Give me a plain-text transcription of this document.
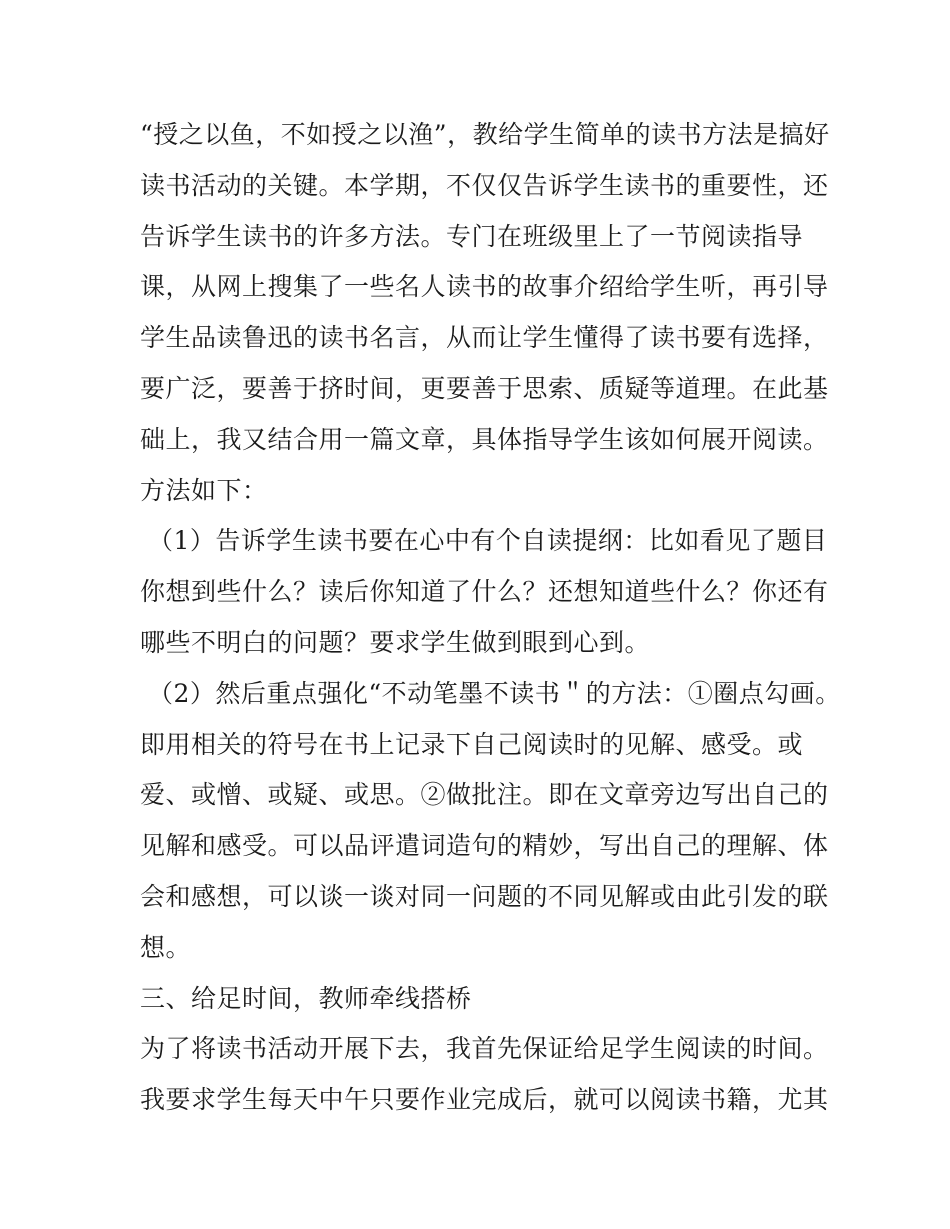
“授之以鱼，不如授之以渔”，教给学生简单的读书方法是搞好
读书活动的关键。本学期，不仅仅告诉学生读书的重要性，还
告诉学生读书的许多方法。专门在班级里上了一节阅读指导
课，从网上搜集了一些名人读书的故事介绍给学生听，再引导
学生品读鲁迅的读书名言，从而让学生懂得了读书要有选择，
要广泛，要善于挤时间，更要善于思索、质疑等道理。在此基
础上，我又结合用一篇文章，具体指导学生该如何展开阅读。
方法如下：
（1）告诉学生读书要在心中有个自读提纲：比如看见了题目
你想到些什么？读后你知道了什么？还想知道些什么？你还有
哪些不明白的问题？要求学生做到眼到心到。
（2）然后重点强化“不动笔墨不读书＂的方法：①圈点勾画。
即用相关的符号在书上记录下自己阅读时的见解、感受。或
爱、或憎、或疑、或思。②做批注。即在文章旁边写出自己的
见解和感受。可以品评遣词造句的精妙，写出自己的理解、体
会和感想，可以谈一谈对同一问题的不同见解或由此引发的联
想。
三、给足时间，教师牵线搭桥
为了将读书活动开展下去，我首先保证给足学生阅读的时间。
我要求学生每天中午只要作业完成后，就可以阅读书籍，尤其
